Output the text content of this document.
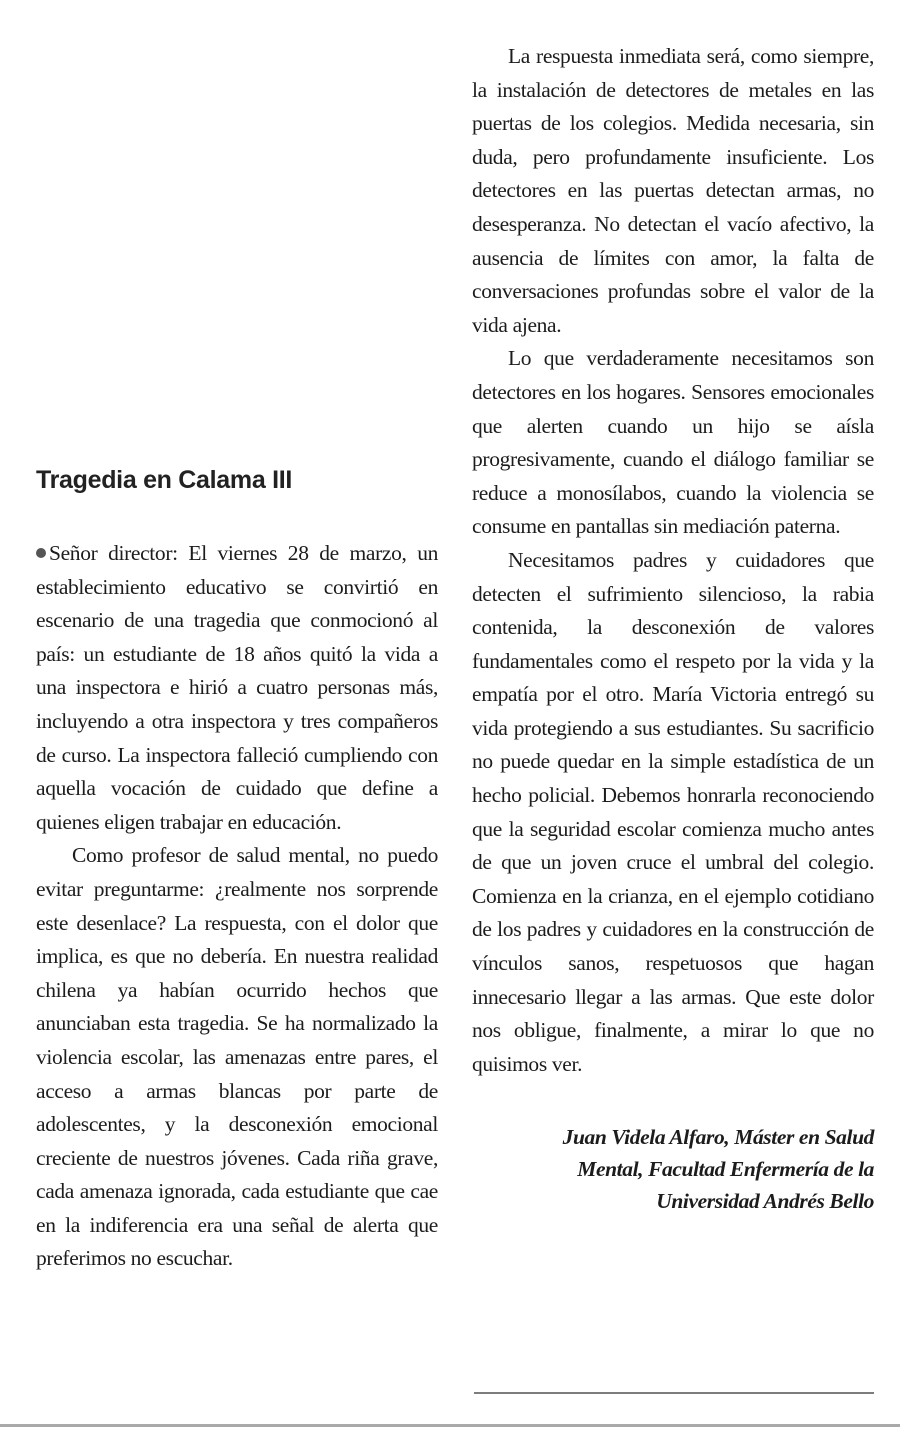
Tragedia en Calama III

Señor director: El viernes 28 de marzo, un establecimiento educativo se convirtió en escenario de una tragedia que conmocionó al país: un estudiante de 18 años quitó la vida a una inspectora e hirió a cuatro personas más, incluyendo a otra inspectora y tres compañeros de curso. La inspectora falleció cumpliendo con aquella vocación de cuidado que define a quienes eligen trabajar en educación.

Como profesor de salud mental, no puedo evitar preguntarme: ¿realmente nos sorprende este desenlace? La respuesta, con el dolor que implica, es que no debería. En nuestra realidad chilena ya habían ocurrido hechos que anunciaban esta tragedia. Se ha normalizado la violencia escolar, las amenazas entre pares, el acceso a armas blancas por parte de adolescentes, y la desconexión emocional creciente de nuestros jóvenes. Cada riña grave, cada amenaza ignorada, cada estudiante que cae en la indiferencia era una señal de alerta que preferimos no escuchar.

La respuesta inmediata será, como siempre, la instalación de detectores de metales en las puertas de los colegios. Medida necesaria, sin duda, pero profundamente insuficiente. Los detectores en las puertas detectan armas, no desesperanza. No detectan el vacío afectivo, la ausencia de límites con amor, la falta de conversaciones profundas sobre el valor de la vida ajena.

Lo que verdaderamente necesitamos son detectores en los hogares. Sensores emocionales que alerten cuando un hijo se aísla progresivamente, cuando el diálogo familiar se reduce a monosílabos, cuando la violencia se consume en pantallas sin mediación paterna.

Necesitamos padres y cuidadores que detecten el sufrimiento silencioso, la rabia contenida, la desconexión de valores fundamentales como el respeto por la vida y la empatía por el otro. María Victoria entregó su vida protegiendo a sus estudiantes. Su sacrificio no puede quedar en la simple estadística de un hecho policial. Debemos honrarla reconociendo que la seguridad escolar comienza mucho antes de que un joven cruce el umbral del colegio. Comienza en la crianza, en el ejemplo cotidiano de los padres y cuidadores en la construcción de vínculos sanos, respetuosos que hagan innecesario llegar a las armas. Que este dolor nos obligue, finalmente, a mirar lo que no quisimos ver.

Juan Videla Alfaro, Máster en Salud
Mental, Facultad Enfermería de la
Universidad Andrés Bello
